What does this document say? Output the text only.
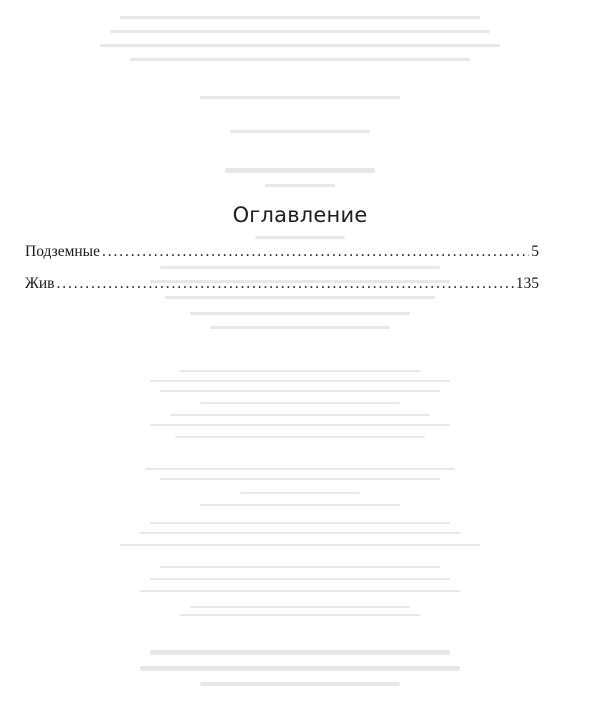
Оглавление
Подземные . . .	5
Жив . . .	135
